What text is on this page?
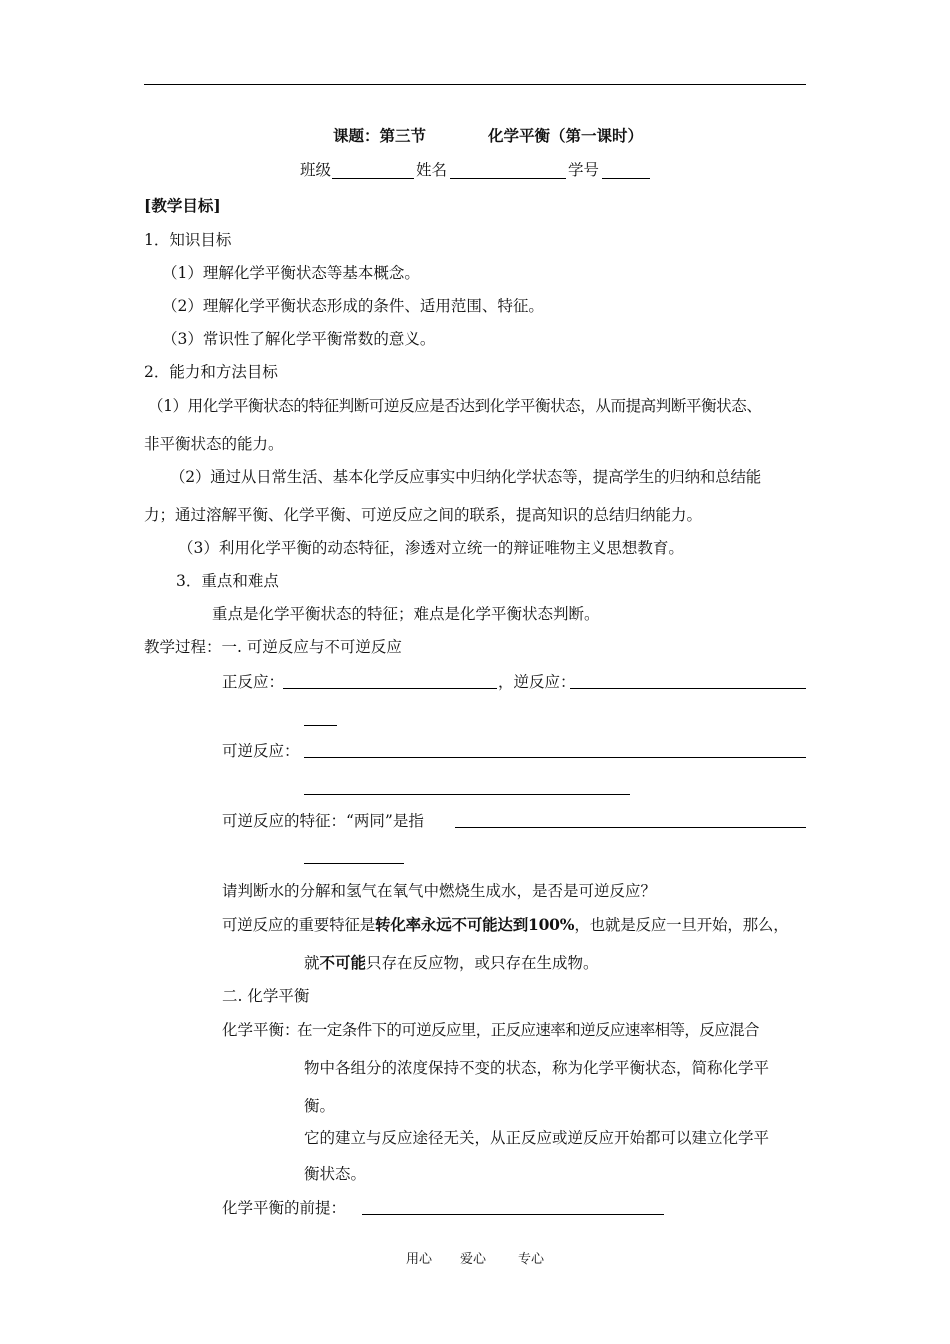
课题：第三节	化学平衡（第一课时）
班级	姓名	学号
[教学目标]
1．知识目标
（1）理解化学平衡状态等基本概念。
（2）理解化学平衡状态形成的条件、适用范围、特征。
（3）常识性了解化学平衡常数的意义。
2．能力和方法目标
（1）用化学平衡状态的特征判断可逆反应是否达到化学平衡状态，从而提高判断平衡状态、
非平衡状态的能力。
（2）通过从日常生活、基本化学反应事实中归纳化学状态等，提高学生的归纳和总结能
力；通过溶解平衡、化学平衡、可逆反应之间的联系，提高知识的总结归纳能力。
（3）利用化学平衡的动态特征，渗透对立统一的辩证唯物主义思想教育。
3．重点和难点
重点是化学平衡状态的特征；难点是化学平衡状态判断。
教学过程：一. 可逆反应与不可逆反应
正反应：	，逆反应：
可逆反应：
可逆反应的特征：“两同”是指
请判断水的分解和氢气在氧气中燃烧生成水，是否是可逆反应？
可逆反应的重要特征是转化率永远不可能达到100%，也就是反应一旦开始，那么，
就不可能只存在反应物，或只存在生成物。
二. 化学平衡
化学平衡：
在一定条件下的可逆反应里，正反应速率和逆反应速率相等，反应混合
物中各组分的浓度保持不变的状态，称为化学平衡状态，简称化学平
衡。
它的建立与反应途径无关，从正反应或逆反应开始都可以建立化学平
衡状态。
化学平衡的前提：
用心 爱心 专心
